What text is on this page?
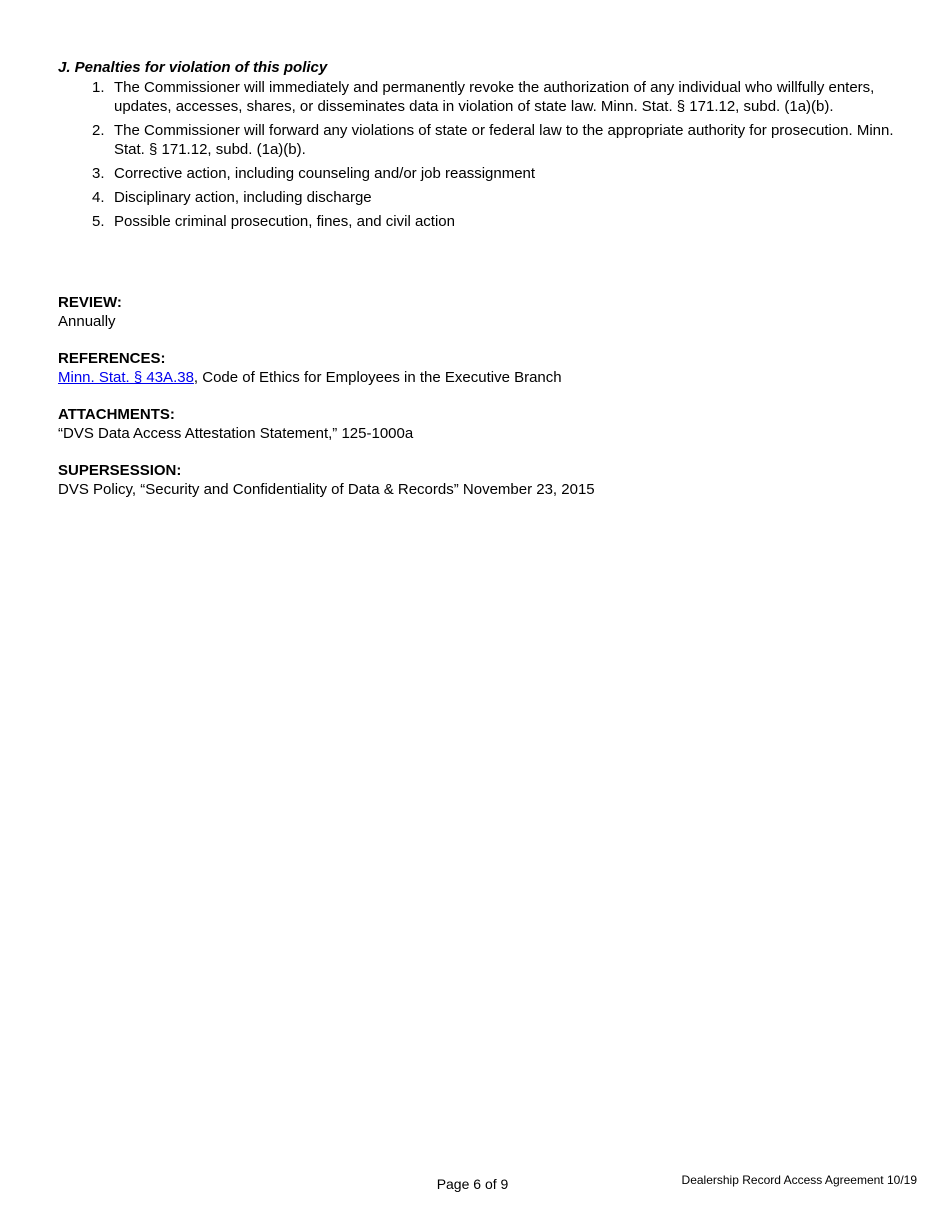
J. Penalties for violation of this policy

1. The Commissioner will immediately and permanently revoke the authorization of any individual who willfully enters, updates, accesses, shares, or disseminates data in violation of state law. Minn. Stat. § 171.12, subd. (1a)(b).
2. The Commissioner will forward any violations of state or federal law to the appropriate authority for prosecution. Minn. Stat. § 171.12, subd. (1a)(b).
3. Corrective action, including counseling and/or job reassignment
4. Disciplinary action, including discharge
5. Possible criminal prosecution, fines, and civil action
REVIEW:
Annually
REFERENCES:
Minn. Stat. § 43A.38, Code of Ethics for Employees in the Executive Branch
ATTACHMENTS:
“DVS Data Access Attestation Statement,” 125-1000a
SUPERSESSION:
DVS Policy, “Security and Confidentiality of Data & Records” November 23, 2015
Page 6 of 9	Dealership Record Access Agreement 10/19
